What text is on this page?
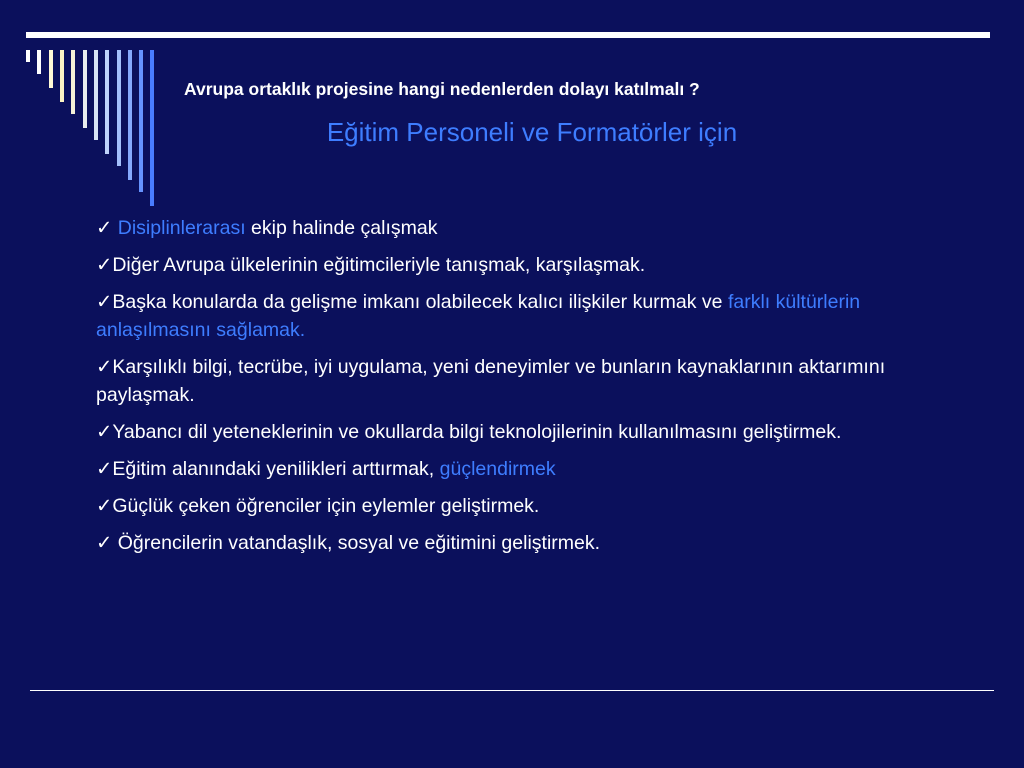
Avrupa ortaklık projesine hangi nedenlerden dolayı katılmalı ?
Eğitim Personeli ve Formatörler için
✓ Disiplinlerarası ekip halinde çalışmak
✓Diğer Avrupa ülkelerinin eğitimcileriyle tanışmak, karşılaşmak.
✓Başka konularda da gelişme imkanı olabilecek kalıcı ilişkiler kurmak ve farklı kültürlerin anlaşılmasını sağlamak.
✓Karşılıklı bilgi, tecrübe, iyi uygulama, yeni deneyimler ve bunların kaynaklarının aktarımını paylaşmak.
✓Yabancı dil yeteneklerinin ve okullarda bilgi teknolojilerinin kullanılmasını geliştirmek.
✓Eğitim alanındaki yenilikleri arttırmak, güçlendirmek
✓Güçlük çeken öğrenciler için eylemler geliştirmek.
✓ Öğrencilerin vatandaşlık, sosyal ve eğitimini geliştirmek.
